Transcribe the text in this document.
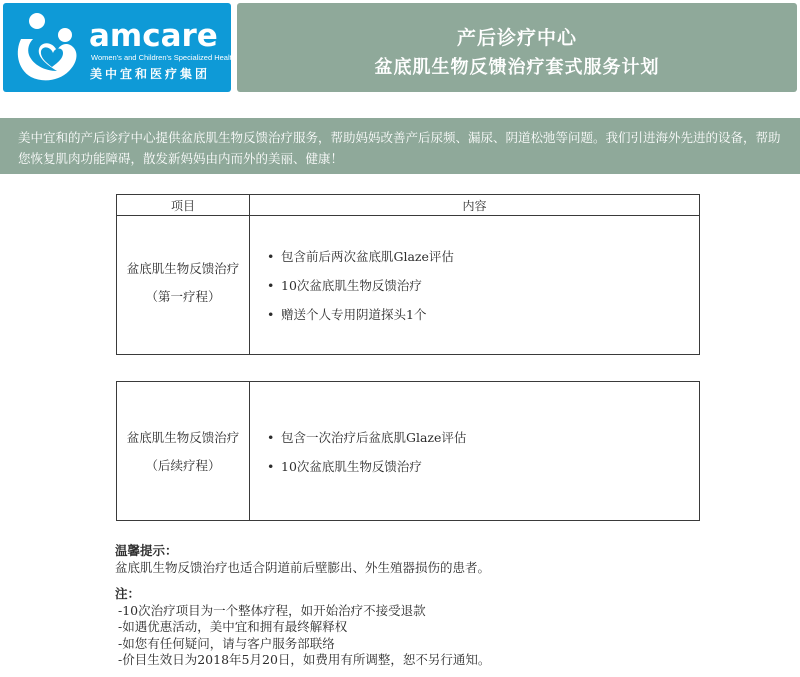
amcare
Women's and Children's Specialized Health
美中宜和医疗集团
产后诊疗中心
盆底肌生物反馈治疗套式服务计划
美中宜和的产后诊疗中心提供盆底肌生物反馈治疗服务，帮助妈妈改善产后尿频、漏尿、阴道松弛等问题。我们引进海外先进的设备，帮助您恢复肌肉功能障碍，散发新妈妈由内而外的美丽、健康！
项目	内容
盆底肌生物反馈治疗
（第一疗程）
• 包含前后两次盆底肌Glaze评估
• 10次盆底肌生物反馈治疗
• 赠送个人专用阴道探头1个
盆底肌生物反馈治疗
（后续疗程）
• 包含一次治疗后盆底肌Glaze评估
• 10次盆底肌生物反馈治疗
温馨提示：
盆底肌生物反馈治疗也适合阴道前后壁膨出、外生殖器损伤的患者。
注：
-10次治疗项目为一个整体疗程，如开始治疗不接受退款
-如遇优惠活动，美中宜和拥有最终解释权
-如您有任何疑问，请与客户服务部联络
-价目生效日为2018年5月20日，如费用有所调整，恕不另行通知。
